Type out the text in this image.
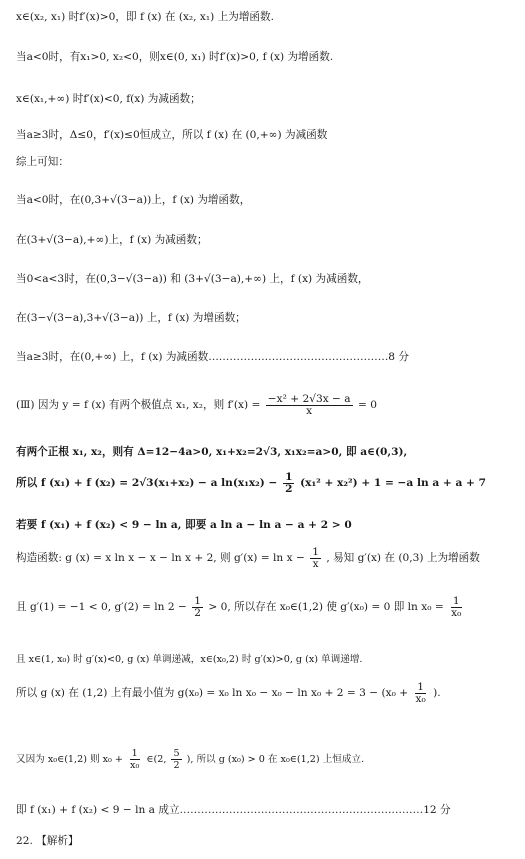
x∈(x₂, x₁) 时f′(x)>0，即 f (x) 在 (x₂, x₁) 上为增函数.
当a<0时，有x₁>0, x₂<0，则x∈(0, x₁) 时f′(x)>0, f (x) 为增函数.
x∈(x₁,+∞) 时f′(x)<0, f(x) 为减函数；
当a≥3时，Δ≤0，f′(x)≤0恒成立，所以 f (x) 在 (0,+∞) 为减函数
综上可知：
当a<0时，在(0,3+√(3−a))上，f (x) 为增函数，
在(3+√(3−a),+∞)上，f (x) 为减函数；
当0<a<3时，在(0,3−√(3−a)) 和 (3+√(3−a),+∞) 上，f (x) 为减函数，
在(3−√(3−a),3+√(3−a)) 上，f (x) 为增函数；
当a≥3时，在(0,+∞) 上，f (x) 为减函数……………………………………………8 分
(Ⅲ) 因为 y = f (x) 有两个极值点 x₁, x₂，则 $f'(x) = \frac{\text{−x² + 2√3x − a}}{x} = 0$
有两个正根 x₁, x₂，则有 Δ=12−4a>0, x₁+x₂=2√3, x₁x₂=a>0, 即 a∈(0,3),
所以 f (x₁) + f (x₂) = 2√3(x₁+x₂) − a $\ln(x_1x_2) - \frac{1}{2} (x_1^2 + x_2^2) + 1 = -a$ ln a + a + 7
若要 f (x₁) + f (x₂) < 9 − ln a, 即要 a ln a − ln a − a + 2 > 0
构造函数: g (x) = x ln x − x − ln x + 2, 则 $g'(x) = \ln x - \frac{1}{x}$ , 易知 g′(x) 在 (0,3) 上为增函数
且 g′(1) = −1 < 0, $g'(2) = \ln 2 - \frac{1}{2} > 0$, 所以存在 x₀∈(1,2) 使 g′(x₀) = 0 即 $\ln x_0 = \frac{1}{\text{x₀}}$
且 x∈(1, x₀) 时 g′(x)<0, g (x) 单调递减，x∈(x₀,2) 时 g′(x)>0, g (x) 单调递增.
所以 g (x) 在 (1,2) 上有最小值为 g(x₀) = x₀ $\ln x_0 - x_0 - \ln x_0 + 2 = 3 - (x_0 + \frac{1}{\text{x₀}}$ ).
又因为 x₀∈(1,2) 则 $x_0 + \frac{1}{\text{x₀}}$ ∈(2, $\frac{5}{2}$ ), 所以 g (x₀) > 0 在 x₀∈(1,2) 上恒成立.
即 f (x₁) + f (x₂) < 9 − ln a 成立……………………………………………………………12 分
22. 【解析】
